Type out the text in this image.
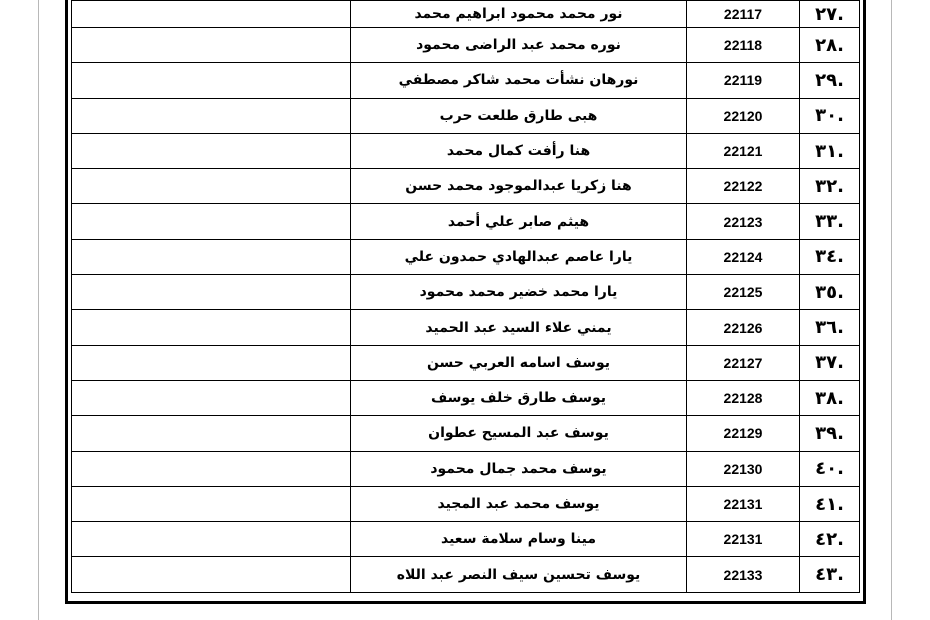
.٢٧	22117	نور محمد محمود ابراهيم محمد	
.٢٨	22118	نوره محمد عبد الراضى محمود	
.٢٩	22119	نورهان نشأت محمد شاكر مصطفي	
.٣٠	22120	هبى طارق طلعت حرب	
.٣١	22121	هنا رأفت كمال محمد	
.٣٢	22122	هنا زكريا عبدالموجود محمد حسن	
.٣٣	22123	هيثم صابر علي أحمد	
.٣٤	22124	يارا عاصم عبدالهادي حمدون علي	
.٣٥	22125	يارا محمد خضير محمد محمود	
.٣٦	22126	يمني علاء السيد عبد الحميد	
.٣٧	22127	يوسف اسامه العربي حسن	
.٣٨	22128	يوسف طارق خلف يوسف	
.٣٩	22129	يوسف عبد المسيح عطوان	
.٤٠	22130	يوسف محمد جمال محمود	
.٤١	22131	يوسف محمد عبد المجيد	
.٤٢	22131	مينا وسام سلامة سعيد	
.٤٣	22133	يوسف تحسين سيف النصر عبد اللاه	
